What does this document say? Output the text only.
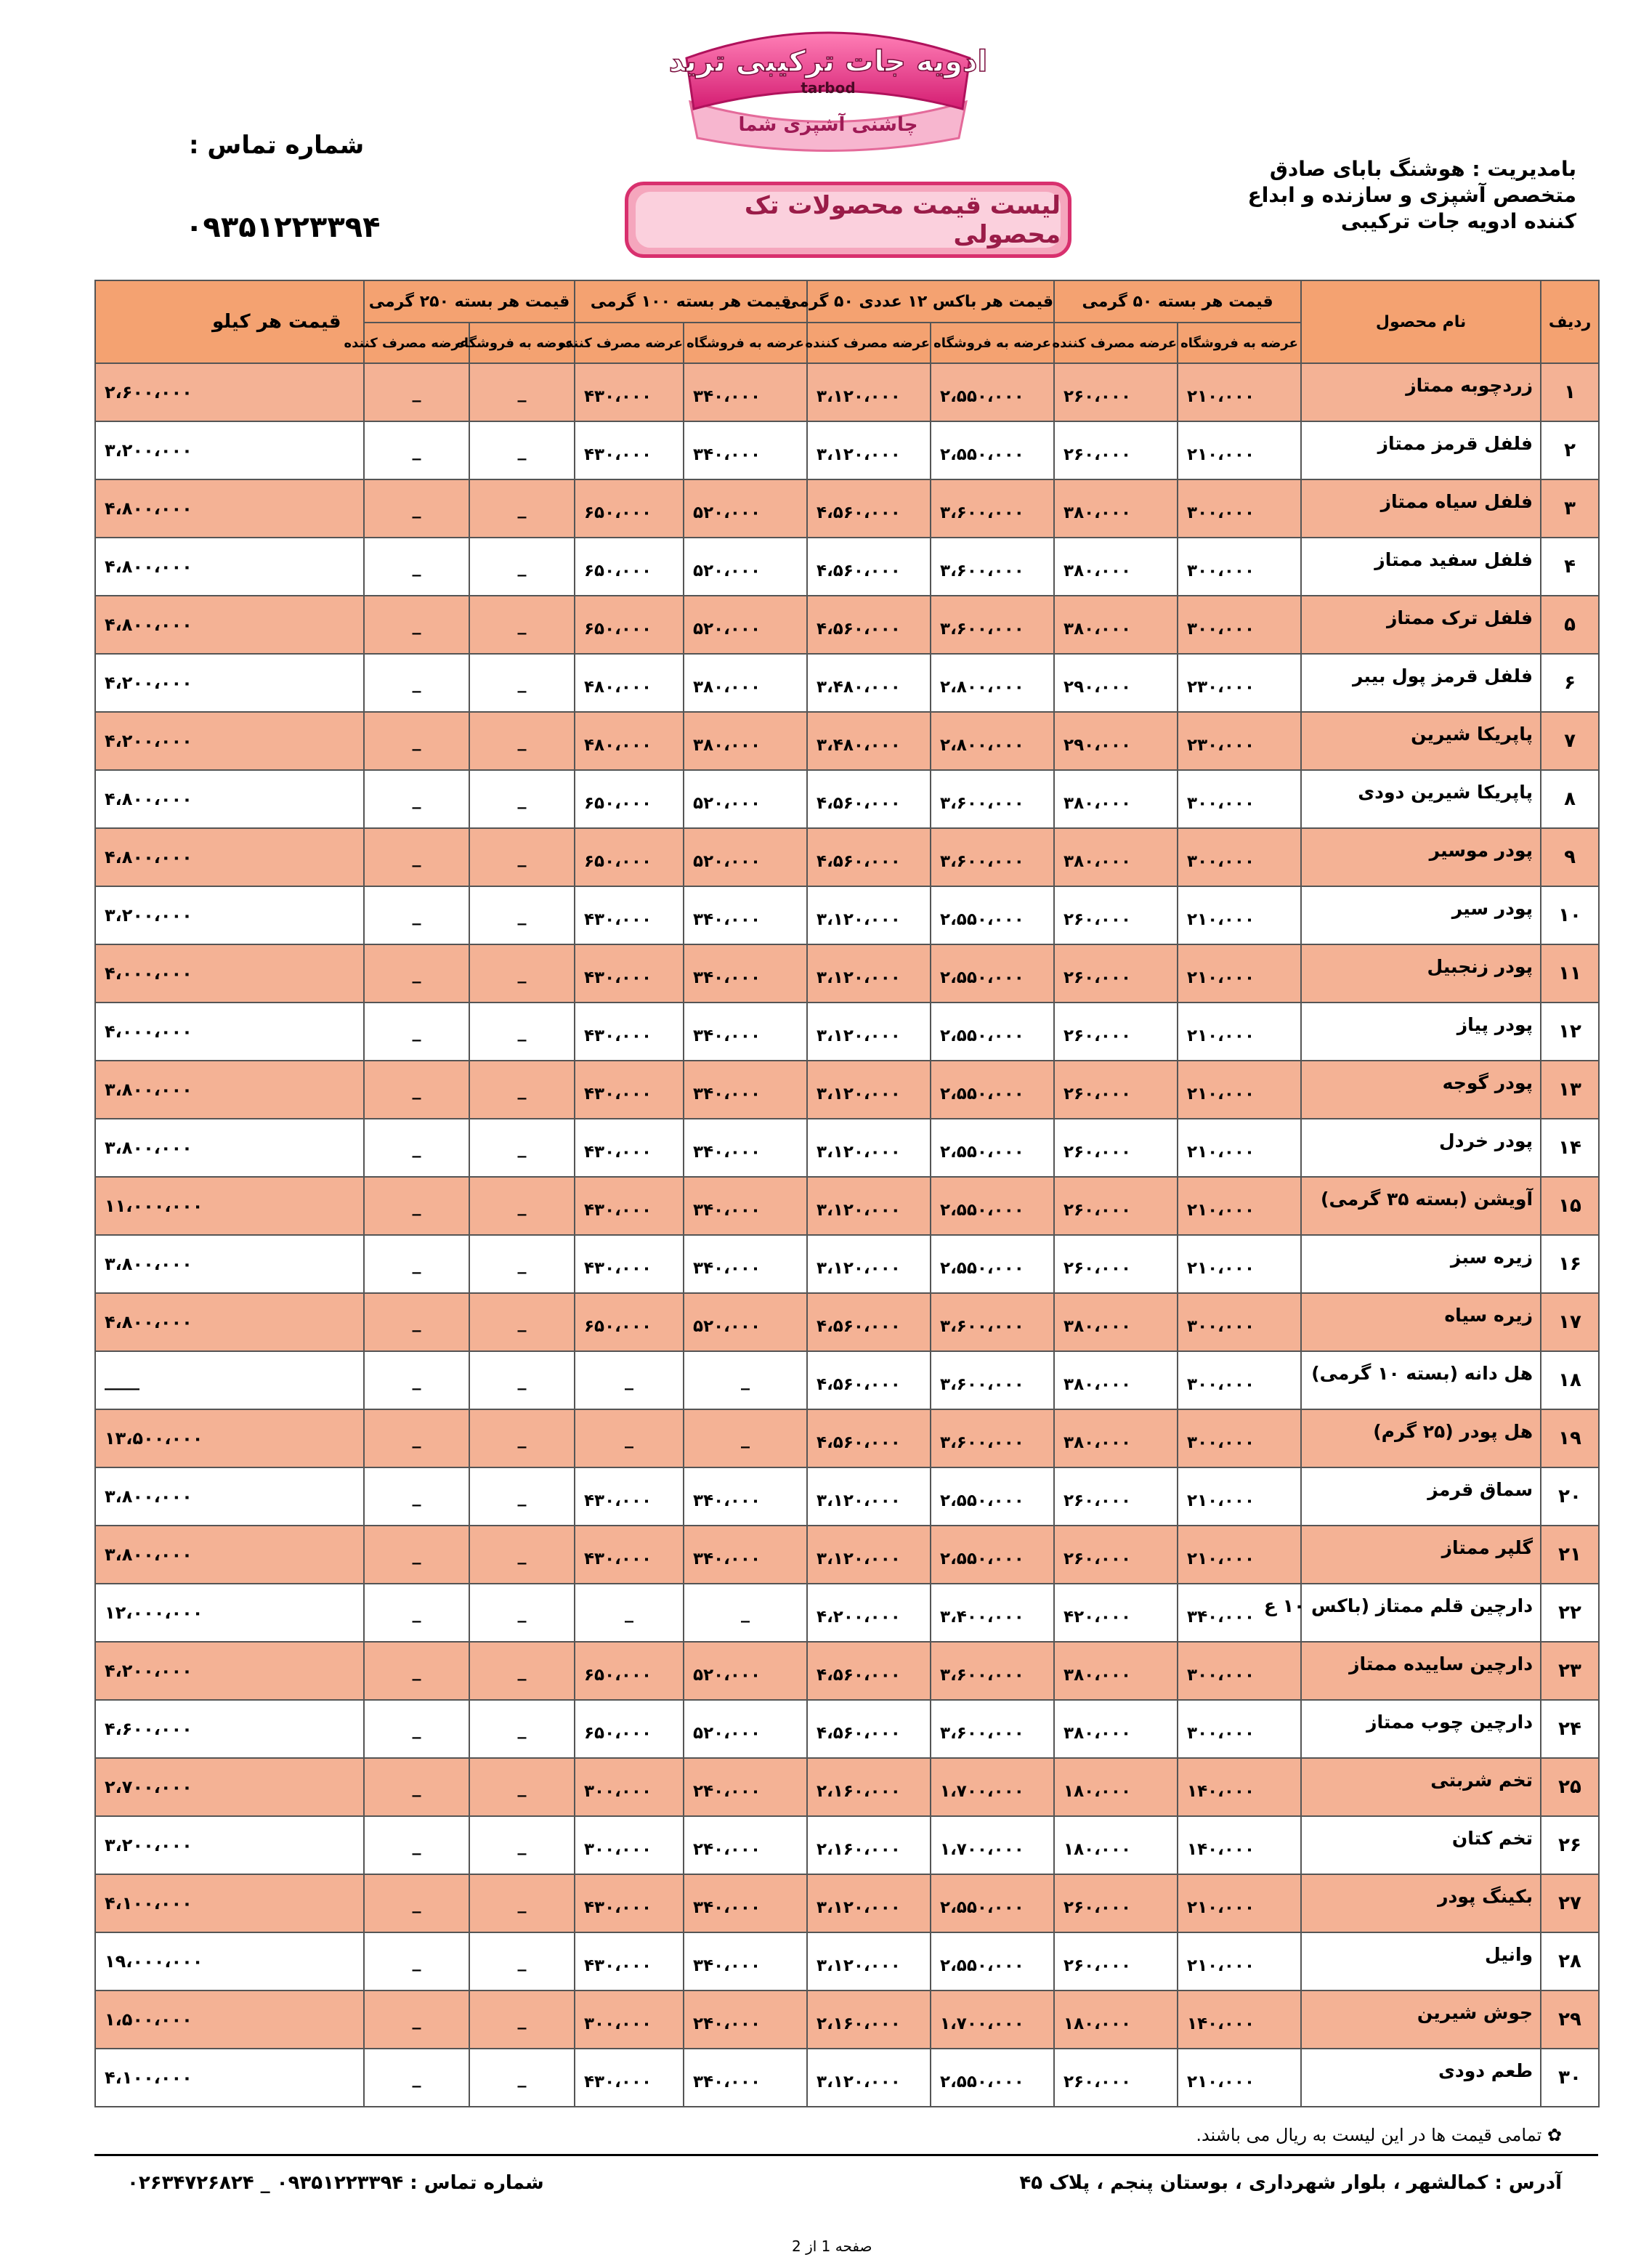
ادویه جات ترکیبی ترید
tarbod
چاشنی آشپزی شما
شماره تماس :
۰۹۳۵۱۲۲۳۳۹۴
بامدیریت : هوشنگ بابای صادق
متخصص آشپزی و سازنده و ابداع
کننده ادویه جات ترکیبی
لیست قیمت محصولات تک محصولی
ردیف	نام محصول	قیمت هر بسته ۵۰ گرمی		قیمت هر باکس ۱۲ عددی ۵۰ گرمی		قیمت هر بسته ۱۰۰ گرمی		قیمت هر بسته ۲۵۰ گرمی		قیمت هر کیلو
		عرضه به فروشگاه	عرضه مصرف کننده	عرضه به فروشگاه	عرضه مصرف کننده	عرضه به فروشگاه	عرضه مصرف کننده	عرضه به فروشگاه	عرضه مصرف کننده	
۱	زردچوبه ممتاز	۲۱۰،۰۰۰	۲۶۰،۰۰۰	۲،۵۵۰،۰۰۰	۳،۱۲۰،۰۰۰	۳۴۰،۰۰۰	۴۳۰،۰۰۰	_	_	۲،۶۰۰،۰۰۰
۲	فلفل قرمز ممتاز	۲۱۰،۰۰۰	۲۶۰،۰۰۰	۲،۵۵۰،۰۰۰	۳،۱۲۰،۰۰۰	۳۴۰،۰۰۰	۴۳۰،۰۰۰	_	_	۳،۲۰۰،۰۰۰
۳	فلفل سیاه ممتاز	۳۰۰،۰۰۰	۳۸۰،۰۰۰	۳،۶۰۰،۰۰۰	۴،۵۶۰،۰۰۰	۵۲۰،۰۰۰	۶۵۰،۰۰۰	_	_	۴،۸۰۰،۰۰۰
۴	فلفل سفید ممتاز	۳۰۰،۰۰۰	۳۸۰،۰۰۰	۳،۶۰۰،۰۰۰	۴،۵۶۰،۰۰۰	۵۲۰،۰۰۰	۶۵۰،۰۰۰	_	_	۴،۸۰۰،۰۰۰
۵	فلفل ترک ممتاز	۳۰۰،۰۰۰	۳۸۰،۰۰۰	۳،۶۰۰،۰۰۰	۴،۵۶۰،۰۰۰	۵۲۰،۰۰۰	۶۵۰،۰۰۰	_	_	۴،۸۰۰،۰۰۰
۶	فلفل قرمز پول بیبر	۲۳۰،۰۰۰	۲۹۰،۰۰۰	۲،۸۰۰،۰۰۰	۳،۴۸۰،۰۰۰	۳۸۰،۰۰۰	۴۸۰،۰۰۰	_	_	۴،۲۰۰،۰۰۰
۷	پاپریکا شیرین	۲۳۰،۰۰۰	۲۹۰،۰۰۰	۲،۸۰۰،۰۰۰	۳،۴۸۰،۰۰۰	۳۸۰،۰۰۰	۴۸۰،۰۰۰	_	_	۴،۲۰۰،۰۰۰
۸	پاپریکا شیرین دودی	۳۰۰،۰۰۰	۳۸۰،۰۰۰	۳،۶۰۰،۰۰۰	۴،۵۶۰،۰۰۰	۵۲۰،۰۰۰	۶۵۰،۰۰۰	_	_	۴،۸۰۰،۰۰۰
۹	پودر موسیر	۳۰۰،۰۰۰	۳۸۰،۰۰۰	۳،۶۰۰،۰۰۰	۴،۵۶۰،۰۰۰	۵۲۰،۰۰۰	۶۵۰،۰۰۰	_	_	۴،۸۰۰،۰۰۰
۱۰	پودر سیر	۲۱۰،۰۰۰	۲۶۰،۰۰۰	۲،۵۵۰،۰۰۰	۳،۱۲۰،۰۰۰	۳۴۰،۰۰۰	۴۳۰،۰۰۰	_	_	۳،۲۰۰،۰۰۰
۱۱	پودر زنجبیل	۲۱۰،۰۰۰	۲۶۰،۰۰۰	۲،۵۵۰،۰۰۰	۳،۱۲۰،۰۰۰	۳۴۰،۰۰۰	۴۳۰،۰۰۰	_	_	۴،۰۰۰،۰۰۰
۱۲	پودر پیاز	۲۱۰،۰۰۰	۲۶۰،۰۰۰	۲،۵۵۰،۰۰۰	۳،۱۲۰،۰۰۰	۳۴۰،۰۰۰	۴۳۰،۰۰۰	_	_	۴،۰۰۰،۰۰۰
۱۳	پودر گوجه	۲۱۰،۰۰۰	۲۶۰،۰۰۰	۲،۵۵۰،۰۰۰	۳،۱۲۰،۰۰۰	۳۴۰،۰۰۰	۴۳۰،۰۰۰	_	_	۳،۸۰۰،۰۰۰
۱۴	پودر خردل	۲۱۰،۰۰۰	۲۶۰،۰۰۰	۲،۵۵۰،۰۰۰	۳،۱۲۰،۰۰۰	۳۴۰،۰۰۰	۴۳۰،۰۰۰	_	_	۳،۸۰۰،۰۰۰
۱۵	آویشن (بسته ۳۵ گرمی)	۲۱۰،۰۰۰	۲۶۰،۰۰۰	۲،۵۵۰،۰۰۰	۳،۱۲۰،۰۰۰	۳۴۰،۰۰۰	۴۳۰،۰۰۰	_	_	۱۱،۰۰۰،۰۰۰
۱۶	زیره سبز	۲۱۰،۰۰۰	۲۶۰،۰۰۰	۲،۵۵۰،۰۰۰	۳،۱۲۰،۰۰۰	۳۴۰،۰۰۰	۴۳۰،۰۰۰	_	_	۳،۸۰۰،۰۰۰
۱۷	زیره سیاه	۳۰۰،۰۰۰	۳۸۰،۰۰۰	۳،۶۰۰،۰۰۰	۴،۵۶۰،۰۰۰	۵۲۰،۰۰۰	۶۵۰،۰۰۰	_	_	۴،۸۰۰،۰۰۰
۱۸	هل دانه (بسته ۱۰ گرمی)	۳۰۰،۰۰۰	۳۸۰،۰۰۰	۳،۶۰۰،۰۰۰	۴،۵۶۰،۰۰۰	_	_	_	_	____
۱۹	هل پودر (۲۵ گرم)	۳۰۰،۰۰۰	۳۸۰،۰۰۰	۳،۶۰۰،۰۰۰	۴،۵۶۰،۰۰۰	_	_	_	_	۱۳،۵۰۰،۰۰۰
۲۰	سماق قرمز	۲۱۰،۰۰۰	۲۶۰،۰۰۰	۲،۵۵۰،۰۰۰	۳،۱۲۰،۰۰۰	۳۴۰،۰۰۰	۴۳۰،۰۰۰	_	_	۳،۸۰۰،۰۰۰
۲۱	گلپر ممتاز	۲۱۰،۰۰۰	۲۶۰،۰۰۰	۲،۵۵۰،۰۰۰	۳،۱۲۰،۰۰۰	۳۴۰،۰۰۰	۴۳۰،۰۰۰	_	_	۳،۸۰۰،۰۰۰
۲۲	دارچین قلم ممتاز (باکس ۱۰ ع	۳۴۰،۰۰۰	۴۲۰،۰۰۰	۳،۴۰۰،۰۰۰	۴،۲۰۰،۰۰۰	_	_	_	_	۱۲،۰۰۰،۰۰۰
۲۳	دارچین ساییده ممتاز	۳۰۰،۰۰۰	۳۸۰،۰۰۰	۳،۶۰۰،۰۰۰	۴،۵۶۰،۰۰۰	۵۲۰،۰۰۰	۶۵۰،۰۰۰	_	_	۴،۲۰۰،۰۰۰
۲۴	دارچین چوب ممتاز	۳۰۰،۰۰۰	۳۸۰،۰۰۰	۳،۶۰۰،۰۰۰	۴،۵۶۰،۰۰۰	۵۲۰،۰۰۰	۶۵۰،۰۰۰	_	_	۴،۶۰۰،۰۰۰
۲۵	تخم شربتی	۱۴۰،۰۰۰	۱۸۰،۰۰۰	۱،۷۰۰،۰۰۰	۲،۱۶۰،۰۰۰	۲۴۰،۰۰۰	۳۰۰،۰۰۰	_	_	۲،۷۰۰،۰۰۰
۲۶	تخم کتان	۱۴۰،۰۰۰	۱۸۰،۰۰۰	۱،۷۰۰،۰۰۰	۲،۱۶۰،۰۰۰	۲۴۰،۰۰۰	۳۰۰،۰۰۰	_	_	۳،۲۰۰،۰۰۰
۲۷	بکینگ پودر	۲۱۰،۰۰۰	۲۶۰،۰۰۰	۲،۵۵۰،۰۰۰	۳،۱۲۰،۰۰۰	۳۴۰،۰۰۰	۴۳۰،۰۰۰	_	_	۴،۱۰۰،۰۰۰
۲۸	وانیل	۲۱۰،۰۰۰	۲۶۰،۰۰۰	۲،۵۵۰،۰۰۰	۳،۱۲۰،۰۰۰	۳۴۰،۰۰۰	۴۳۰،۰۰۰	_	_	۱۹،۰۰۰،۰۰۰
۲۹	جوش شیرین	۱۴۰،۰۰۰	۱۸۰،۰۰۰	۱،۷۰۰،۰۰۰	۲،۱۶۰،۰۰۰	۲۴۰،۰۰۰	۳۰۰،۰۰۰	_	_	۱،۵۰۰،۰۰۰
۳۰	طعم دودی	۲۱۰،۰۰۰	۲۶۰،۰۰۰	۲،۵۵۰،۰۰۰	۳،۱۲۰،۰۰۰	۳۴۰،۰۰۰	۴۳۰،۰۰۰	_	_	۴،۱۰۰،۰۰۰
✿ تمامی قیمت ها در این لیست به ریال می باشند.
آدرس : کمالشهر ، بلوار شهرداری ، بوستان پنجم ، پلاک ۴۵
شماره تماس : ۰۹۳۵۱۲۲۳۳۹۴ _ ۰۲۶۳۴۷۲۶۸۲۴
صفحه 1 از 2
